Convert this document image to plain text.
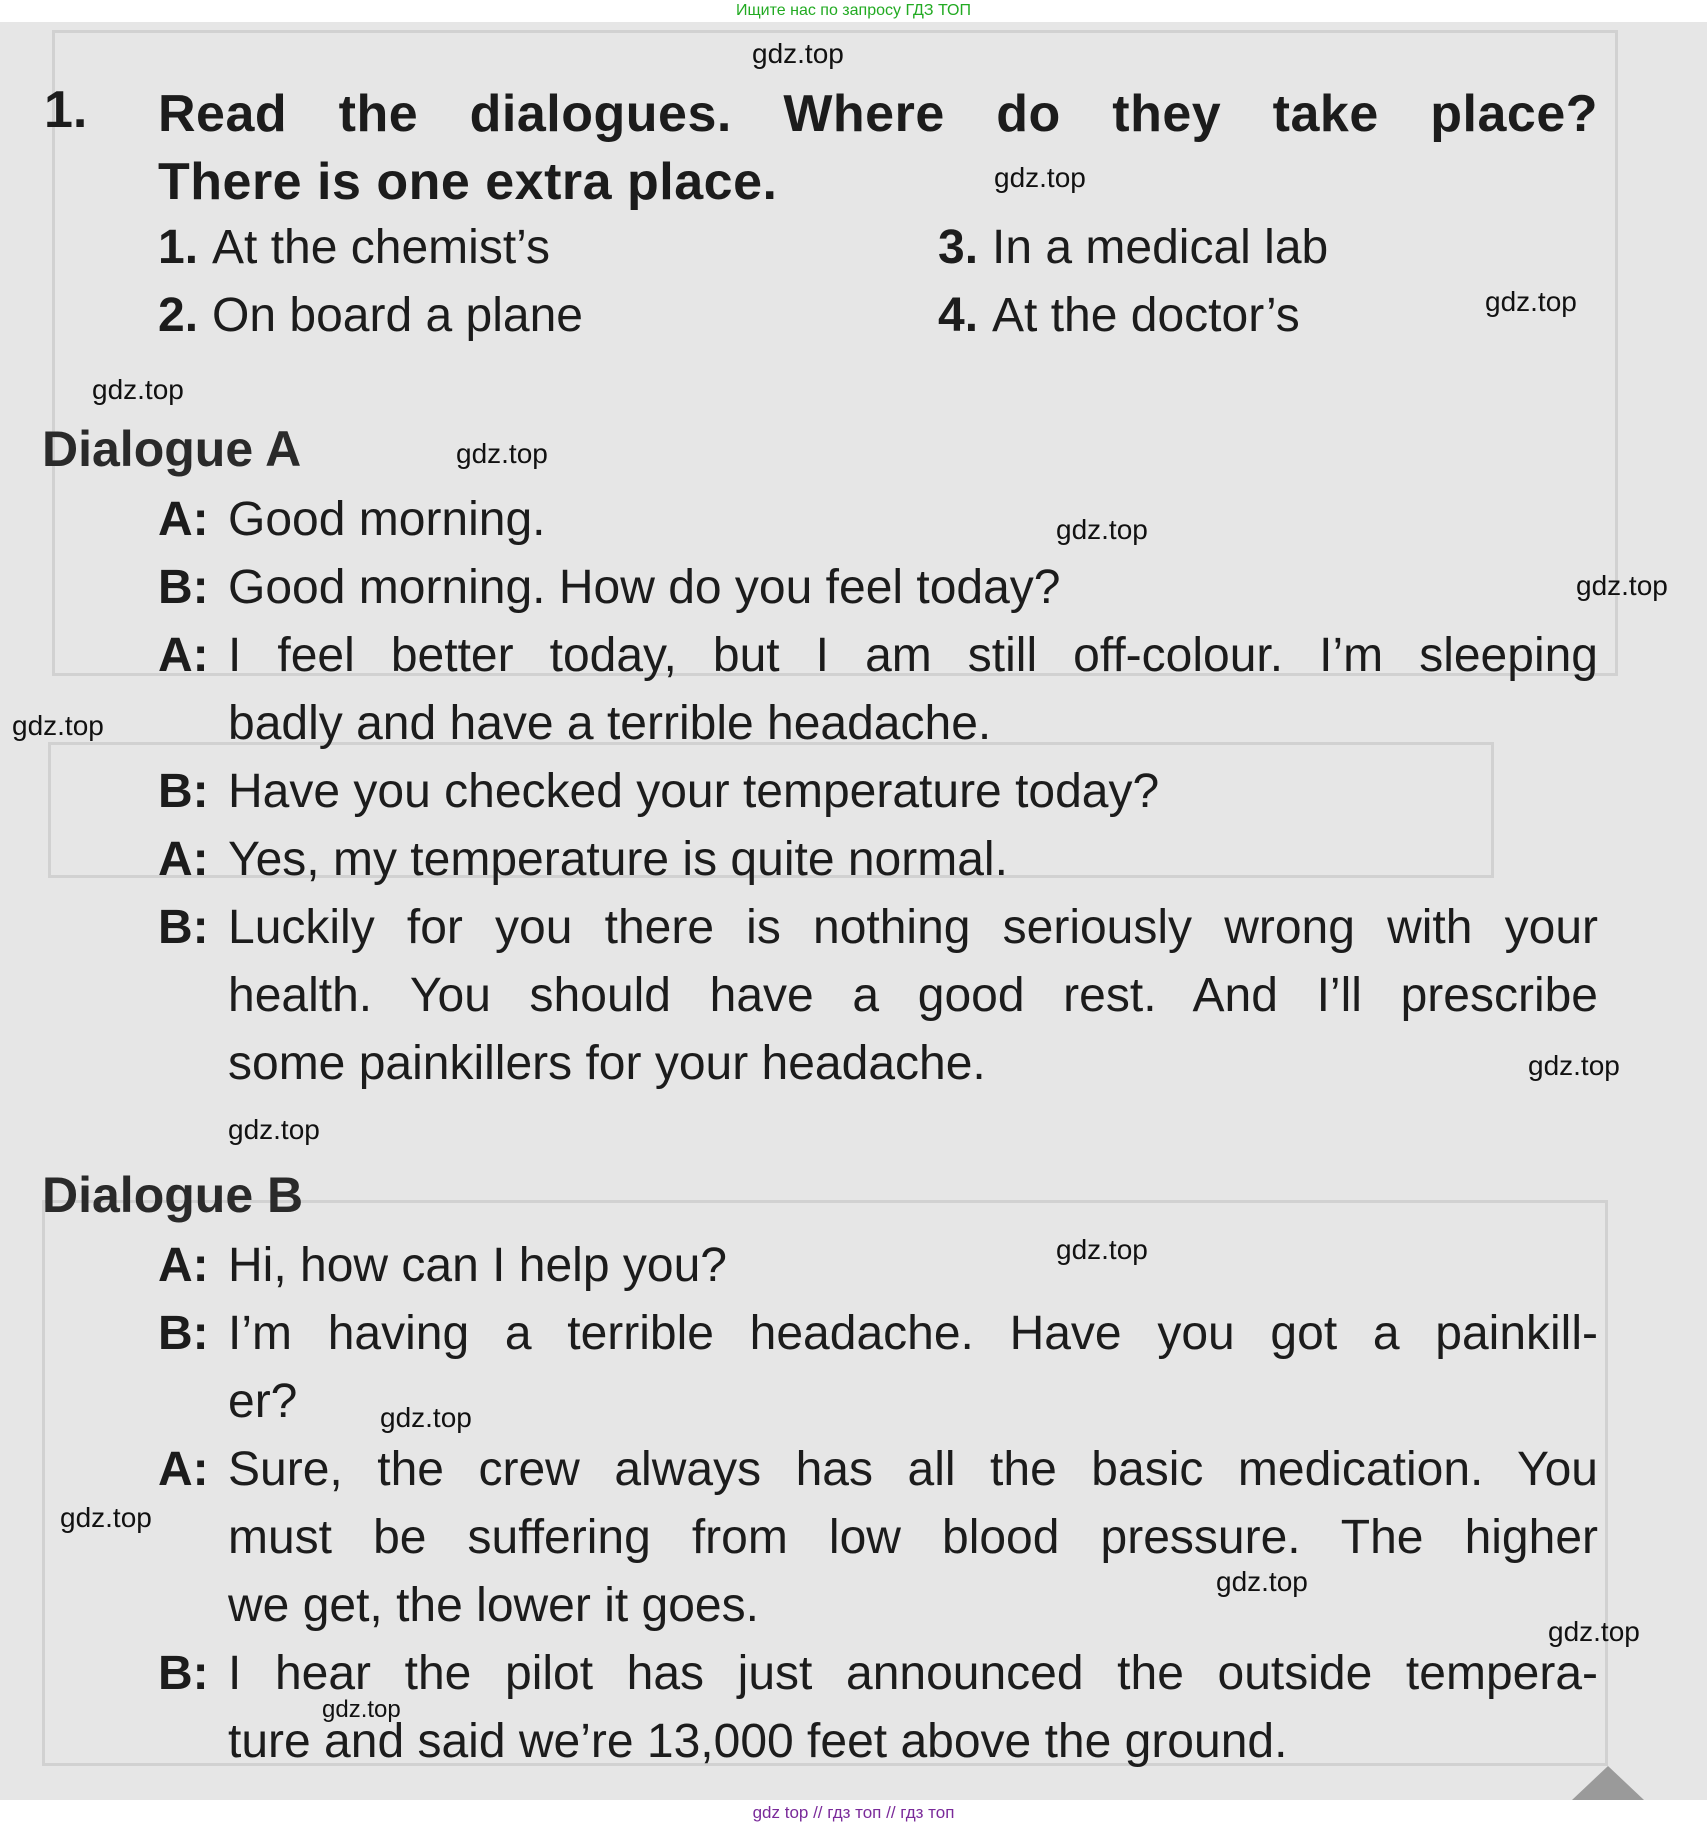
Ищите нас по запросу ГДЗ ТОП
gdz.top
gdz.top
gdz.top
gdz.top
gdz.top
gdz.top
gdz.top
gdz.top
gdz.top
gdz.top
gdz.top
gdz.top
gdz.top
gdz.top
gdz.top
gdz.top
1. Read the dialogues. Where do they take place?
There is one extra place.
1. At the chemist’s
2. On board a plane
3. In a medical lab
4. At the doctor’s
Dialogue A
A: Good morning.
B: Good morning. How do you feel today?
A: I feel better today, but I am still off-colour. I’m sleeping
badly and have a terrible headache.
B: Have you checked your temperature today?
A: Yes, my temperature is quite normal.
B: Luckily for you there is nothing seriously wrong with your
health. You should have a good rest. And I’ll prescribe
some painkillers for your headache.
Dialogue B
A: Hi, how can I help you?
B: I’m having a terrible headache. Have you got a painkill-
er?
A: Sure, the crew always has all the basic medication. You
must be suffering from low blood pressure. The higher
we get, the lower it goes.
B: I hear the pilot has just announced the outside tempera-
ture and said we’re 13,000 feet above the ground.
gdz top // гдз топ // гдз топ
